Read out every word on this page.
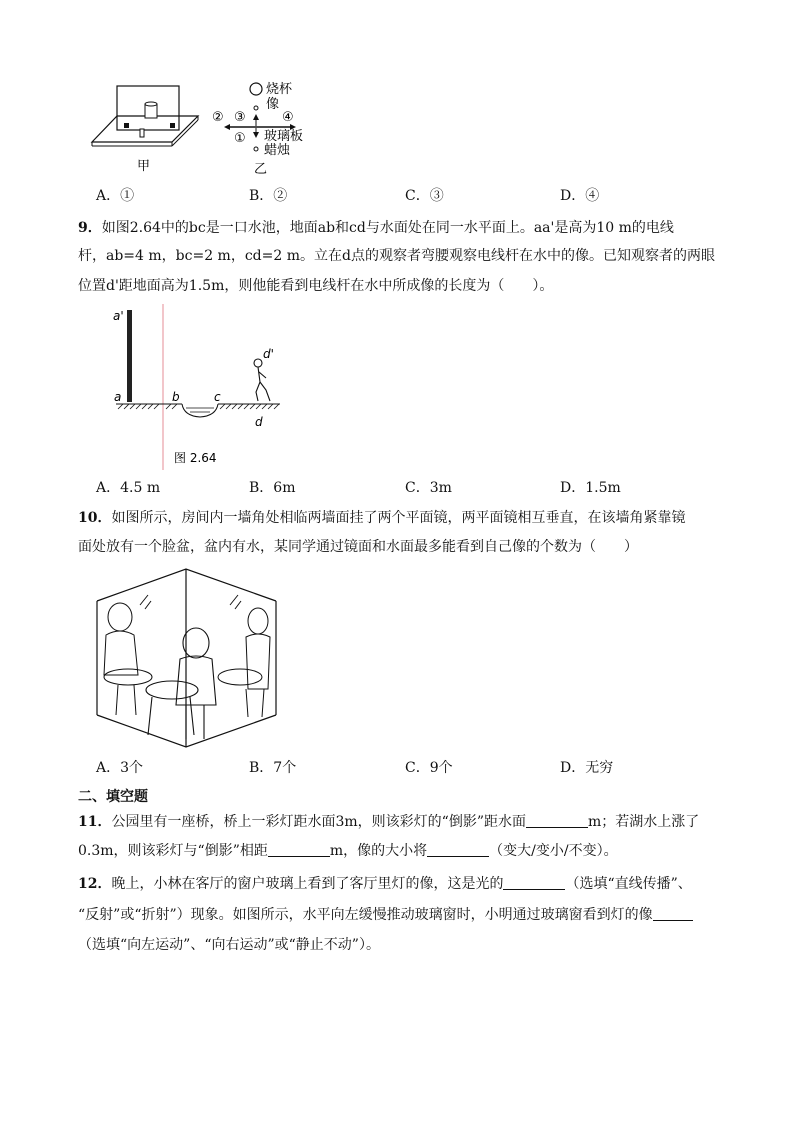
甲
烧杯
像
② ③	④
玻璃板
①
蜡烛
乙
A．①	B．②	C．③	D．④
9．如图2.64中的bc是一口水池，地面ab和cd与水面处在同一水平面上。aa'是高为10 m的电线
杆，ab=4 m，bc=2 m，cd=2 m。立在d点的观察者弯腰观察电线杆在水中的像。已知观察者的两眼
位置d'距地面高为1.5m，则他能看到电线杆在水中所成像的长度为（　　）。
a'
a	b	c
d
d'
图 2.64
A．4.5 m	B．6m	C．3m	D．1.5m
10．如图所示，房间内一墙角处相临两墙面挂了两个平面镜，两平面镜相互垂直，在该墙角紧靠镜
面处放有一个脸盆，盆内有水，某同学通过镜面和水面最多能看到自己像的个数为（　　）
A．3个	B．7个	C．9个	D．无穷
二、填空题
11．公园里有一座桥，桥上一彩灯距水面3m，则该彩灯的“倒影”距水面	m；若湖水上涨了
0.3m，则该彩灯与“倒影”相距	m，像的大小将	（变大/变小/不变）。
12．晚上，小林在客厅的窗户玻璃上看到了客厅里灯的像，这是光的	（选填“直线传播”、
“反射”或“折射”）现象。如图所示，水平向左缓慢推动玻璃窗时，小明通过玻璃窗看到灯的像
（选填“向左运动”、“向右运动”或“静止不动”）。
